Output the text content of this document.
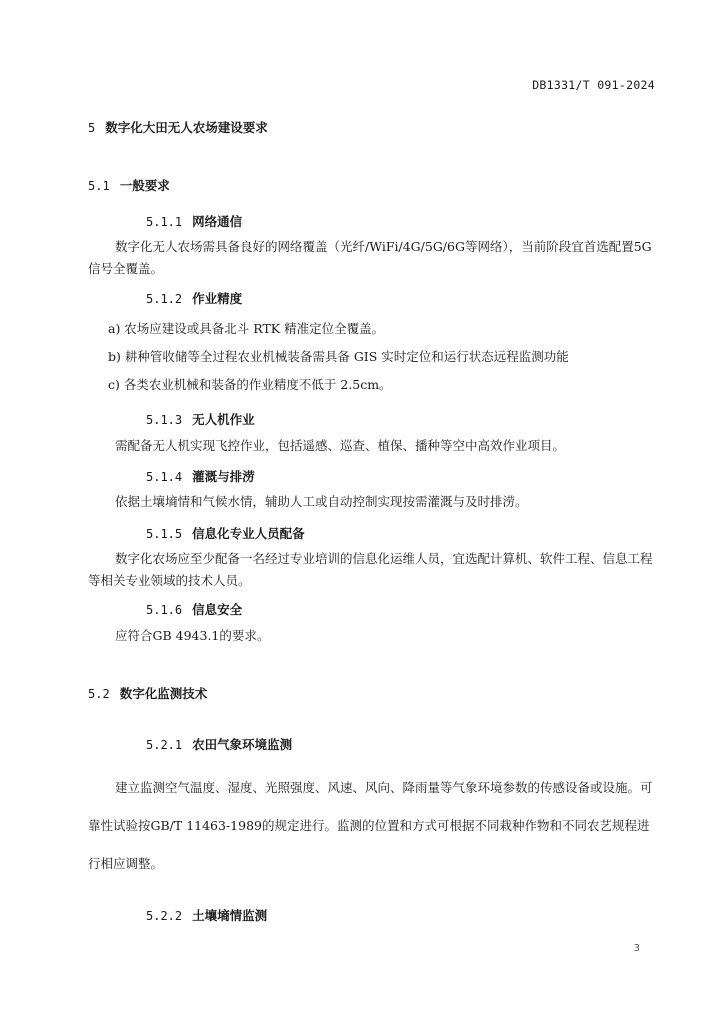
DB1331/T 091-2024
5 数字化大田无人农场建设要求
5.1 一般要求
5.1.1 网络通信
数字化无人农场需具备良好的网络覆盖（光纤/WiFi/4G/5G/6G等网络），当前阶段宜首选配置5G信号全覆盖。
5.1.2 作业精度
a) 农场应建设或具备北斗 RTK 精准定位全覆盖。
b) 耕种管收储等全过程农业机械装备需具备 GIS 实时定位和运行状态远程监测功能
c) 各类农业机械和装备的作业精度不低于 2.5cm。
5.1.3 无人机作业
需配备无人机实现飞控作业，包括遥感、巡查、植保、播种等空中高效作业项目。
5.1.4 灌溉与排涝
依据土壤墒情和气候水情，辅助人工或自动控制实现按需灌溉与及时排涝。
5.1.5 信息化专业人员配备
数字化农场应至少配备一名经过专业培训的信息化运维人员，宜选配计算机、软件工程、信息工程等相关专业领域的技术人员。
5.1.6 信息安全
应符合GB 4943.1的要求。
5.2 数字化监测技术
5.2.1 农田气象环境监测
建立监测空气温度、湿度、光照强度、风速、风向、降雨量等气象环境参数的传感设备或设施。可靠性试验按GB/T 11463-1989的规定进行。监测的位置和方式可根据不同栽种作物和不同农艺规程进行相应调整。
5.2.2 土壤墒情监测
3
